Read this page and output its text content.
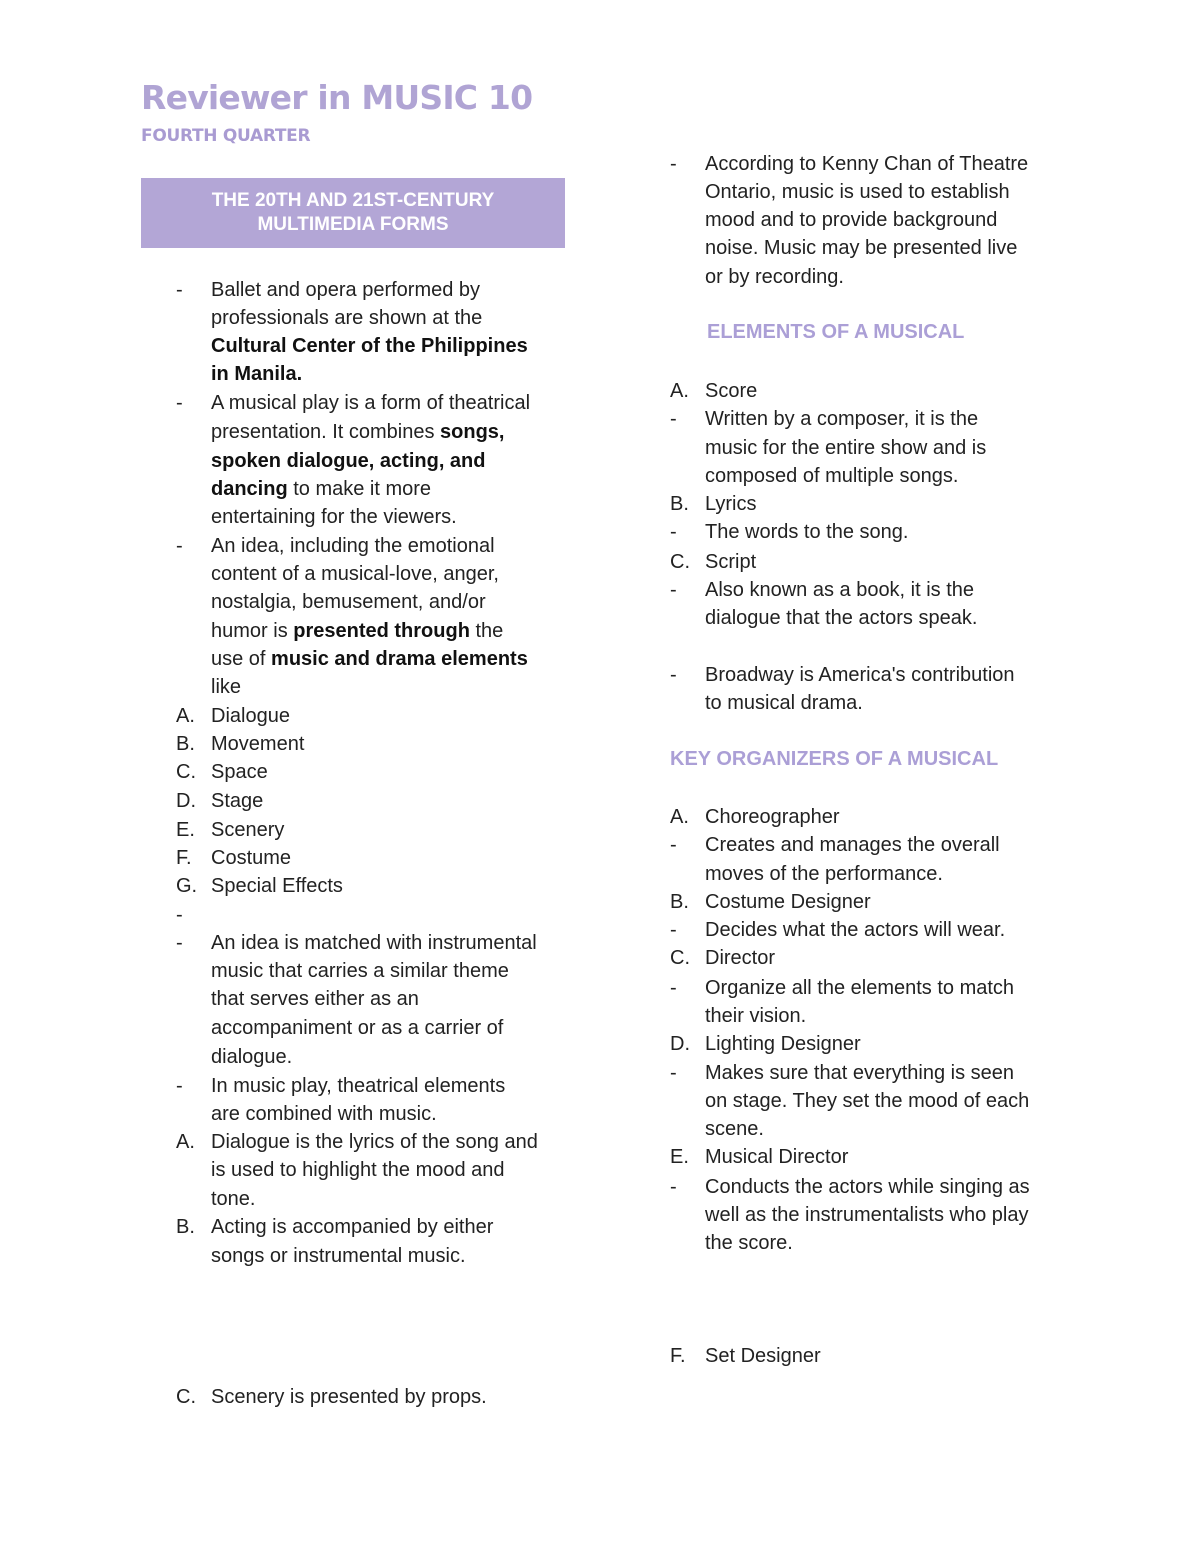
Reviewer in MUSIC 10
FOURTH QUARTER
THE 20TH AND 21ST-CENTURY
MULTIMEDIA FORMS
- Ballet and opera performed by
professionals are shown at the
Cultural Center of the Philippines
in Manila.
- A musical play is a form of theatrical
presentation. It combines songs,
spoken dialogue, acting, and
dancing to make it more
entertaining for the viewers.
- An idea, including the emotional
content of a musical-love, anger,
nostalgia, bemusement, and/or
humor is presented through the
use of music and drama elements
like
A. Dialogue
B. Movement
C. Space
D. Stage
E. Scenery
F. Costume
G. Special Effects
-
- An idea is matched with instrumental
music that carries a similar theme
that serves either as an
accompaniment or as a carrier of
dialogue.
- In music play, theatrical elements
are combined with music.
A. Dialogue is the lyrics of the song and
is used to highlight the mood and
tone.
B. Acting is accompanied by either
songs or instrumental music.
C. Scenery is presented by props.
- According to Kenny Chan of Theatre
Ontario, music is used to establish
mood and to provide background
noise. Music may be presented live
or by recording.
ELEMENTS OF A MUSICAL
A. Score
- Written by a composer, it is the
music for the entire show and is
composed of multiple songs.
B. Lyrics
- The words to the song.
C. Script
- Also known as a book, it is the
dialogue that the actors speak.
- Broadway is America's contribution
to musical drama.
KEY ORGANIZERS OF A MUSICAL
A. Choreographer
- Creates and manages the overall
moves of the performance.
B. Costume Designer
- Decides what the actors will wear.
C. Director
- Organize all the elements to match
their vision.
D. Lighting Designer
- Makes sure that everything is seen
on stage. They set the mood of each
scene.
E. Musical Director
- Conducts the actors while singing as
well as the instrumentalists who play
the score.
F. Set Designer
